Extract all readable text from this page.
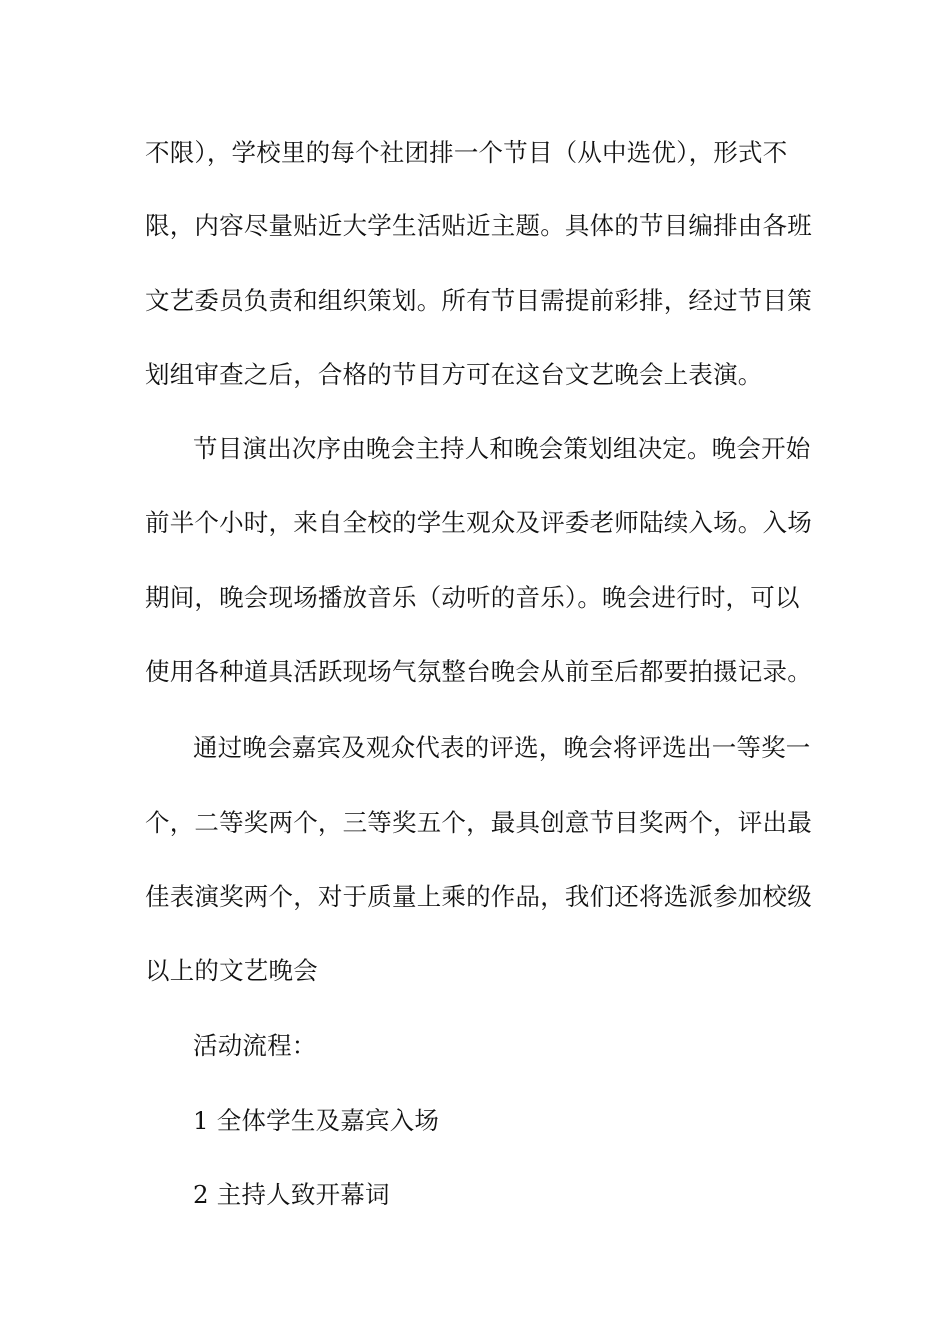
不限），学校里的每个社团排一个节目（从中选优），形式不
限，内容尽量贴近大学生活贴近主题。具体的节目编排由各班
文艺委员负责和组织策划。所有节目需提前彩排，经过节目策
划组审查之后，合格的节目方可在这台文艺晚会上表演。
节目演出次序由晚会主持人和晚会策划组决定。晚会开始
前半个小时，来自全校的学生观众及评委老师陆续入场。入场
期间，晚会现场播放音乐（动听的音乐）。晚会进行时，可以
使用各种道具活跃现场气氛整台晚会从前至后都要拍摄记录。
通过晚会嘉宾及观众代表的评选，晚会将评选出一等奖一
个，二等奖两个，三等奖五个，最具创意节目奖两个，评出最
佳表演奖两个，对于质量上乘的作品，我们还将选派参加校级
以上的文艺晚会
活动流程：
1 全体学生及嘉宾入场
2 主持人致开幕词
